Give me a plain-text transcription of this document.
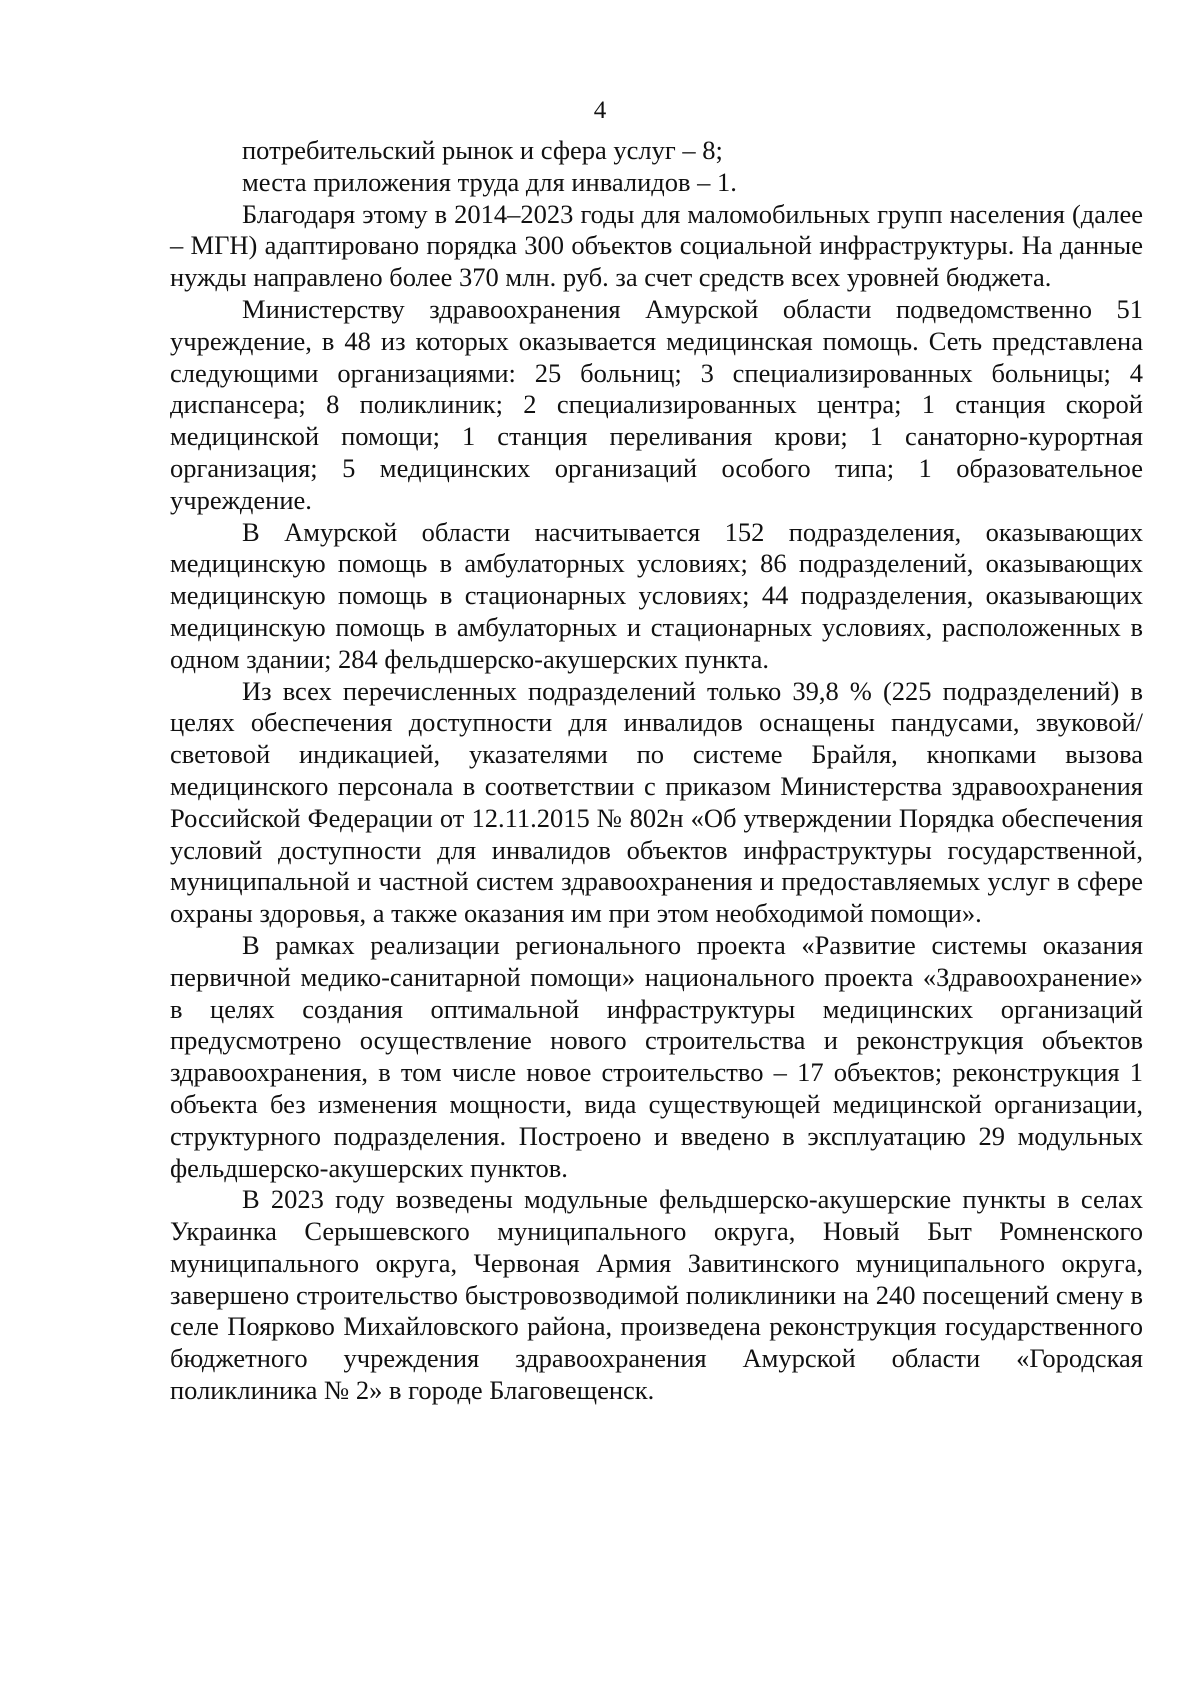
4

потребительский рынок и сфера услуг – 8;

места приложения труда для инвалидов – 1.

Благодаря этому в 2014–2023 годы для маломобильных групп населения (далее – МГН) адаптировано порядка 300 объектов социальной инфраструктуры. На данные нужды направлено более 370 млн. руб. за счет средств всех уровней бюджета.

Министерству здравоохранения Амурской области подведомственно 51 учреждение, в 48 из которых оказывается медицинская помощь. Сеть представлена следующими организациями: 25 больниц; 3 специализированных больницы; 4 диспансера; 8 поликлиник; 2 специализированных центра; 1 станция скорой медицинской помощи; 1 станция переливания крови; 1 санаторно-курортная организация; 5 медицинских организаций особого типа; 1 образовательное учреждение.

В Амурской области насчитывается 152 подразделения, оказывающих медицинскую помощь в амбулаторных условиях; 86 подразделений, оказывающих медицинскую помощь в стационарных условиях; 44 подразделения, оказывающих медицинскую помощь в амбулаторных и стационарных условиях, расположенных в одном здании; 284 фельдшерско-акушерских пункта.

Из всех перечисленных подразделений только 39,8 % (225 подразделений) в целях обеспечения доступности для инвалидов оснащены пандусами, звуковой/световой индикацией, указателями по системе Брайля, кнопками вызова медицинского персонала в соответствии с приказом Министерства здравоохранения Российской Федерации от 12.11.2015 № 802н «Об утверждении Порядка обеспечения условий доступности для инвалидов объектов инфраструктуры государственной, муниципальной и частной систем здравоохранения и предоставляемых услуг в сфере охраны здоровья, а также оказания им при этом необходимой помощи».

В рамках реализации регионального проекта «Развитие системы оказания первичной медико-санитарной помощи» национального проекта «Здравоохранение» в целях создания оптимальной инфраструктуры медицинских организаций предусмотрено осуществление нового строительства и реконструкция объектов здравоохранения, в том числе новое строительство – 17 объектов; реконструкция 1 объекта без изменения мощности, вида существующей медицинской организации, структурного подразделения. Построено и введено в эксплуатацию 29 модульных фельдшерско-акушерских пунктов.

В 2023 году возведены модульные фельдшерско-акушерские пункты в селах Украинка Серышевского муниципального округа, Новый Быт Ромненского муниципального округа, Червоная Армия Завитинского муниципального округа, завершено строительство быстровозводимой поликлиники на 240 посещений смену в селе Поярково Михайловского района, произведена реконструкция государственного бюджетного учреждения здравоохранения Амурской области «Городская поликлиника № 2» в городе Благовещенск.
